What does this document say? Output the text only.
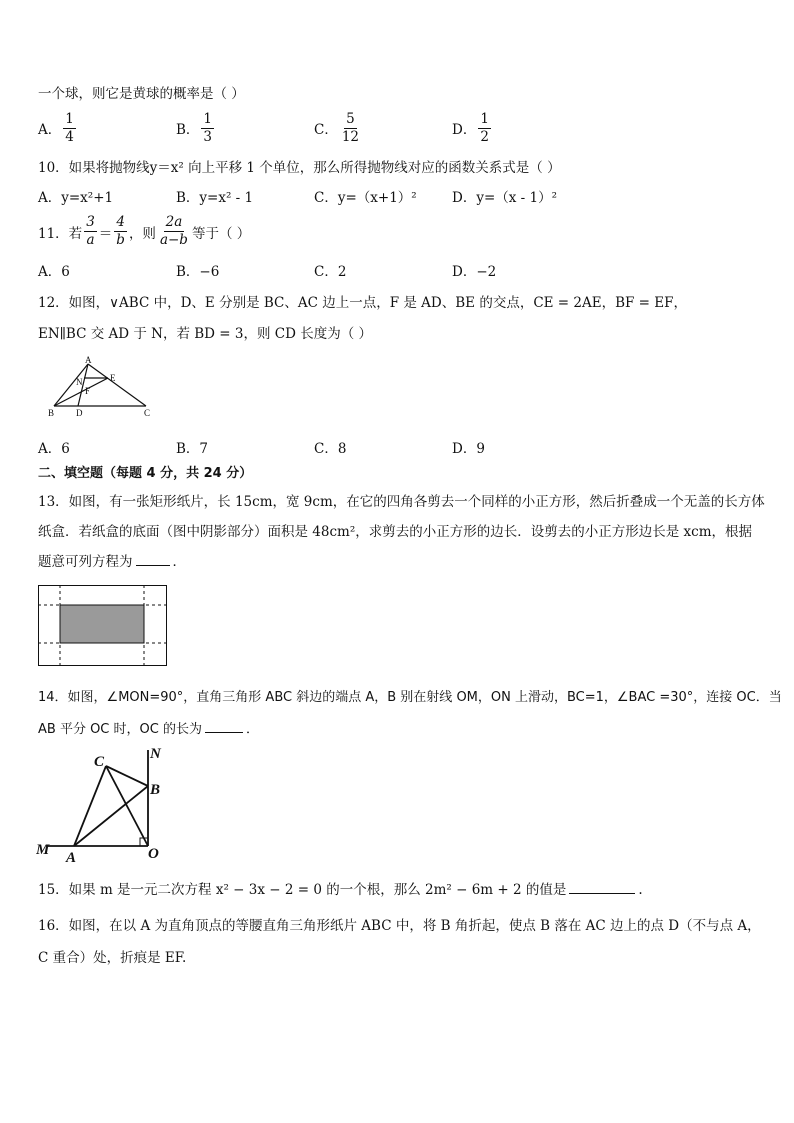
一个球，则它是黄球的概率是（ ）
A． $\frac{1}{4}$	B． $\frac{1}{3}$	C． $\frac{5}{12}$	D． $\frac{1}{2}$
10．如果将抛物线y＝x² 向上平移 1 个单位，那么所得抛物线对应的函数关系式是（ ）
A．y=x²+1	B．y=x² - 1	C．y=（x+1）²	D．y=（x - 1）²
11．若 $\frac{3}{a} = \frac{4}{b}$ ，则 $\frac{2a}{a-b}$ 等于（ ）
A．6	B．−6	C．2	D．−2
12．如图，∨ABC 中，D、E 分别是 BC、AC 边上一点，F 是 AD、BE 的交点，CE = 2AE，BF = EF，
EN∥BC 交 AD 于 N，若 BD = 3，则 CD 长度为（ ）
A
B	C
D
E
F
N
A．6	B．7	C．8	D．9
二、填空题（每题 4 分，共 24 分）
13．如图，有一张矩形纸片，长 15cm，宽 9cm，在它的四角各剪去一个同样的小正方形，然后折叠成一个无盖的长方体
纸盒．若纸盒的底面（图中阴影部分）面积是 48cm²，求剪去的小正方形的边长．设剪去的小正方形边长是 xcm，根据
题意可列方程为	．
14．如图，∠MON=90°，直角三角形 ABC 斜边的端点 A，B 别在射线 OM，ON 上滑动，BC=1，∠BAC =30°，连接 OC．当
AB 平分 OC 时，OC 的长为	．
N
C
B
M A	O
15．如果 m 是一元二次方程 x² − 3x − 2 = 0 的一个根，那么 2m² − 6m + 2 的值是	.
16．如图，在以 A 为直角顶点的等腰直角三角形纸片 ABC 中，将 B 角折起，使点 B 落在 AC 边上的点 D（不与点 A，
C 重合）处，折痕是 EF.
